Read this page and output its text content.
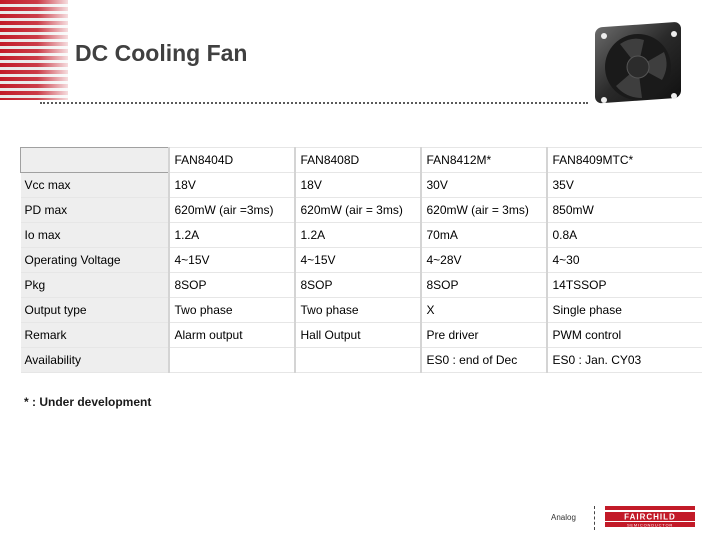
DC Cooling Fan
	FAN8404D	FAN8408D	FAN8412M*	FAN8409MTC*
Vcc max	18V	18V	30V	35V
PD max	620mW (air =3ms)	620mW (air = 3ms)	620mW (air = 3ms)	850mW
Io max	1.2A	1.2A	70mA	0.8A
Operating Voltage	4~15V	4~15V	4~28V	4~30
Pkg	8SOP	8SOP	8SOP	14TSSOP
Output type	Two phase	Two phase	X	Single phase
Remark	Alarm output	Hall Output	Pre driver	PWM control
Availability			ES0 : end of Dec	ES0 : Jan. CY03
* : Under development
Analog	FAIRCHILD
SEMICONDUCTOR
